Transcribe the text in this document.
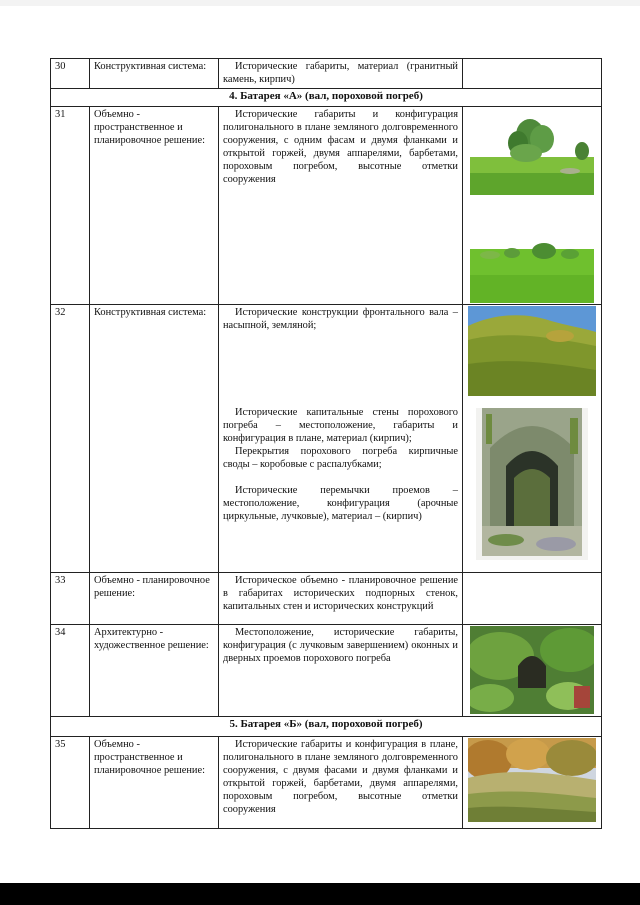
30	Конструктивная система:	Исторические габариты, материал (гранитный камень, кирпич)	

4. Батарея «А» (вал, пороховой погреб)			
31	Объемно - пространственное и планировочное решение:	Исторические габариты и конфигурация полигонального в плане земляного долговременного сооружения, с одним фасам и двумя фланками и открытой горжей, двумя аппарелями, барбетами, пороховым погребом, высотные отметки сооружения

32	Конструктивная система:	Исторические конструкции фронтального вала – насыпной, земляной;

Исторические капитальные стены порохового погреба – местоположение, габариты и конфигурация в плане, материал (кирпич);

Перекрытия порохового погреба кирпичные своды – коробовые с распалубками;

Исторические перемычки проемов – местоположение, конфигурация (арочные циркульные, лучковые), материал – (кирпич)

33	Объемно - планировочное решение:	Историческое объемно - планировочное решение в габаритах исторических подпорных стенок, капитальных стен и исторических конструкций	

34	Архитектурно - художественное решение:	Местоположение, исторические габариты, конфигурация (с лучковым завершением) оконных и дверных проемов порохового погреба

5. Батарея «Б» (вал, пороховой погреб)			
35	Объемно - пространственное и планировочное решение:	Исторические габариты и конфигурация в плане, полигонального в плане земляного долговременного сооружения, с двумя фасами и двумя фланками и открытой горжей, барбетами, двумя аппарелями, пороховым погребом, высотные отметки сооружения
